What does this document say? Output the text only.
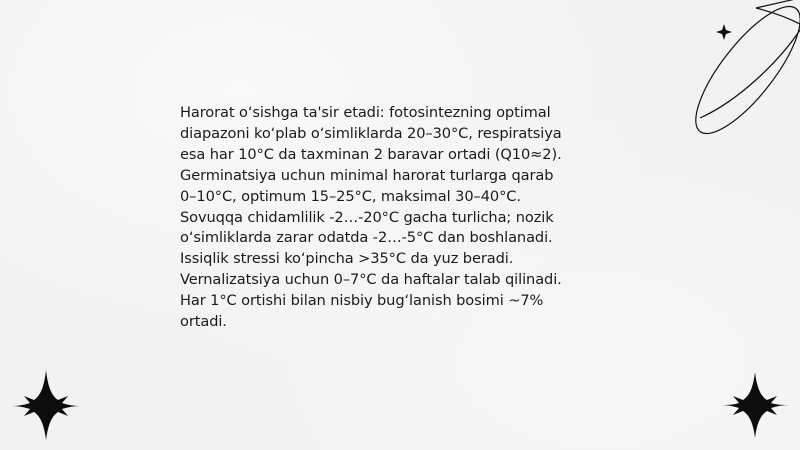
Harorat o‘sishga ta'sir etadi: fotosintezning optimal
diapazoni ko‘plab o‘simliklarda 20–30°C, respiratsiya
esa har 10°C da taxminan 2 baravar ortadi (Q10≈2).
Germinatsiya uchun minimal harorat turlarga qarab
0–10°C, optimum 15–25°C, maksimal 30–40°C.
Sovuqqa chidamlilik -2…-20°C gacha turlicha; nozik
o‘simliklarda zarar odatda -2…-5°C dan boshlanadi.
Issiqlik stressi ko‘pincha >35°C da yuz beradi.
Vernalizatsiya uchun 0–7°C da haftalar talab qilinadi.
Har 1°C ortishi bilan nisbiy bug‘lanish bosimi ~7%
ortadi.
